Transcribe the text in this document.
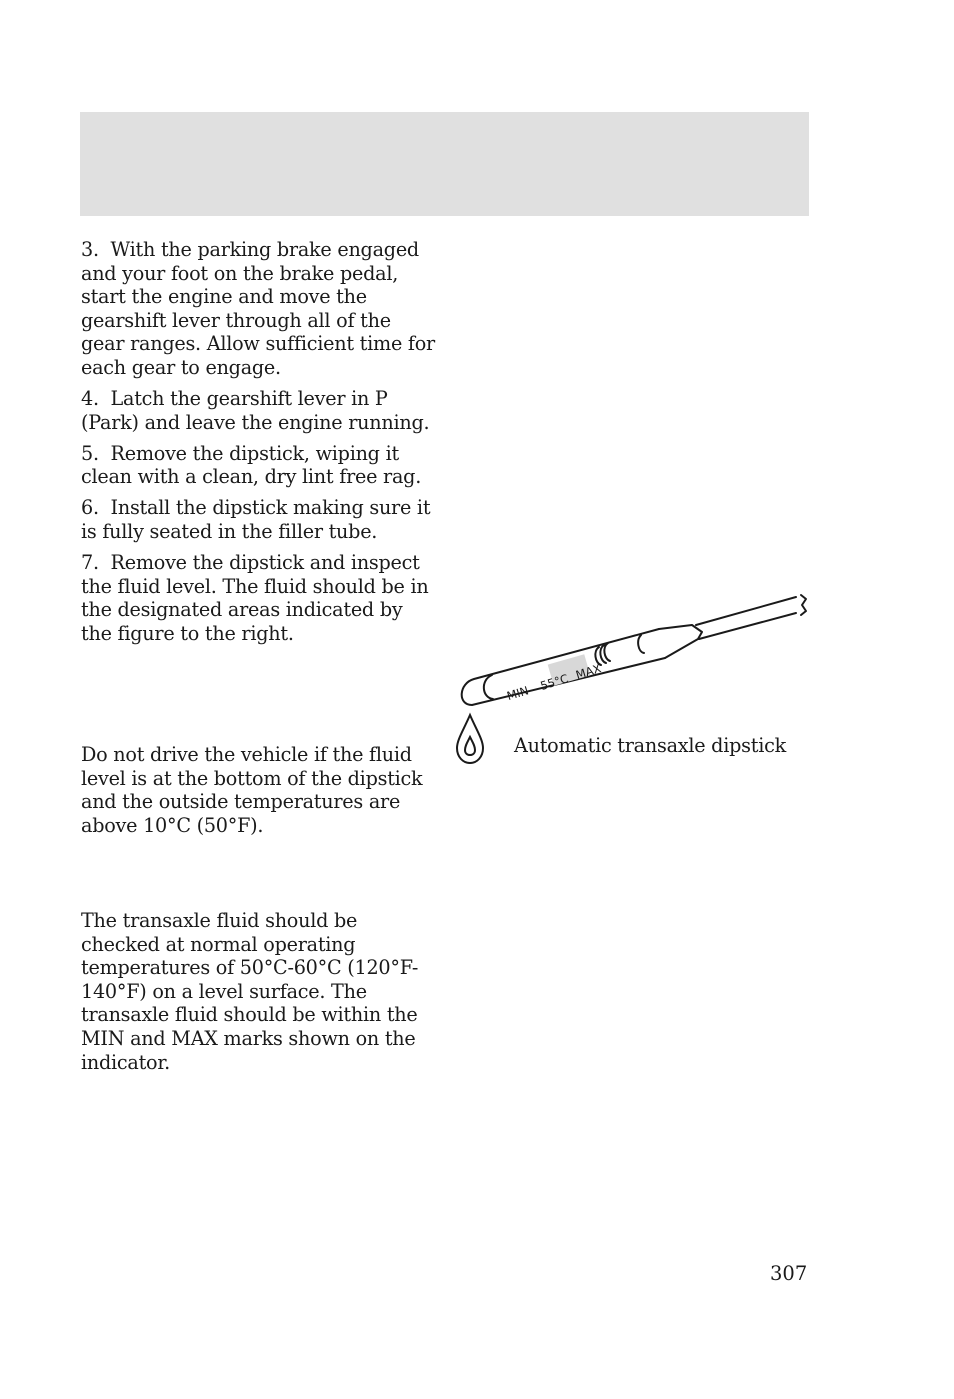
3. With the parking brake engaged and your foot on the brake pedal, start the engine and move the gearshift lever through all of the gear ranges. Allow sufficient time for each gear to engage.

4. Latch the gearshift lever in P (Park) and leave the engine running.

5. Remove the dipstick, wiping it clean with a clean, dry lint free rag.

6. Install the dipstick making sure it is fully seated in the filler tube.

7. Remove the dipstick and inspect the fluid level. The fluid should be in the designated areas indicated by the figure to the right.

Do not drive the vehicle if the fluid level is at the bottom of the dipstick and the outside temperatures are above 10°C (50°F).

The transaxle fluid should be checked at normal operating temperatures of 50°C-60°C (120°F-140°F) on a level surface. The transaxle fluid should be within the MIN and MAX marks shown on the indicator.

MIN
55°C MAX
Automatic transaxle dipstick
307
